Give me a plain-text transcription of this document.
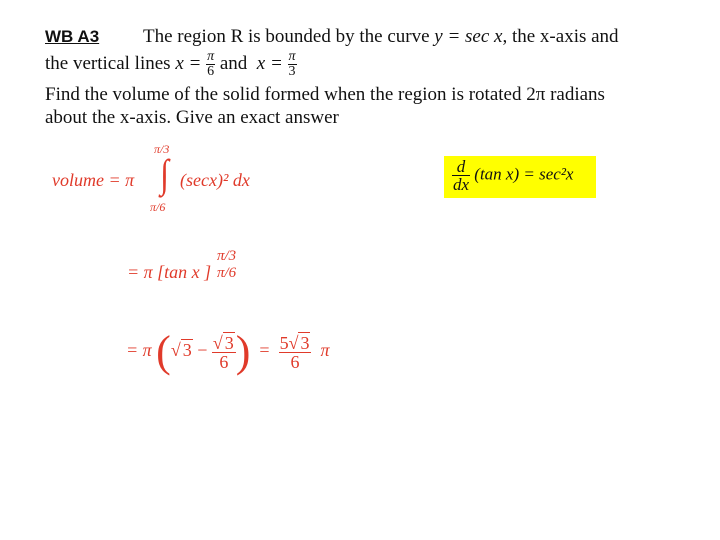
WB A3 The region R is bounded by the curve y = sec x, the x-axis and
the vertical lines $x = \frac{\pi}{6}$ and $x = \frac{\pi}{3}$
Find the volume of the solid formed when the region is rotated 2π radians
about the x-axis. Give an exact answer
volume = π
π/3
∫
π/6
(secx)² dx
= π [tan x ]
π/3
π/6
= π (√ $3 - \frac{√ 3}{6}$ ) = $\frac{5√ 3}{6}$ π
$\frac{d}{dx} (\tan$ x) = sec²x
